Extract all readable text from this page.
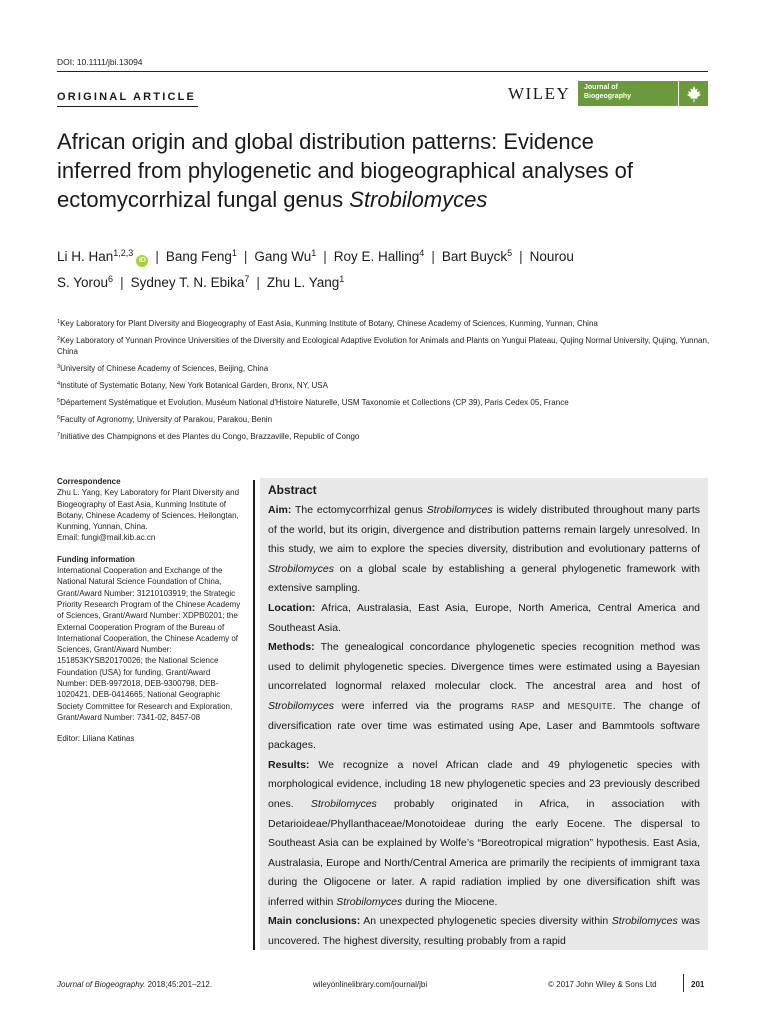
DOI: 10.1111/jbi.13094
ORIGINAL ARTICLE	WILEY Journal of
Biogeography
African origin and global distribution patterns: Evidence
inferred from phylogenetic and biogeographical analyses of
ectomycorrhizal fungal genus Strobilomyces
Li H. Han$^{1,2,3}$iD | Bang Feng$^1$ | Gang Wu$^1$ | Roy E. Halling$^4$ | Bart Buyck$^5$ | Nourou
S. Yorou$^6$ | Sydney T. N. Ebika$^7$ | Zhu L. Yang$^1$
$^1$Key Laboratory for Plant Diversity and Biogeography of East Asia, Kunming Institute of Botany, Chinese Academy of Sciences, Kunming, Yunnan, China
$^2$Key Laboratory of Yunnan Province Universities of the Diversity and Ecological Adaptive Evolution for Animals and Plants on Yungui Plateau, Qujing Normal University, Qujing, Yunnan, China
$^3$University of Chinese Academy of Sciences, Beijing, China
$^4$Institute of Systematic Botany, New York Botanical Garden, Bronx, NY, USA
$^5$Département Systématique et Evolution, Muséum National d'Histoire Naturelle, USM Taxonomie et Collections (CP 39), Paris Cedex 05, France
$^6$Faculty of Agronomy, University of Parakou, Parakou, Benin
$^7$Initiative des Champignons et des Plantes du Congo, Brazzaville, Republic of Congo
Correspondence
Zhu L. Yang, Key Laboratory for Plant Diversity and Biogeography of East Asia, Kunming Institute of Botany, Chinese Academy of Sciences, Heilongtan, Kunming, Yunnan, China.
Email: fungi@mail.kib.ac.cn
Funding information
International Cooperation and Exchange of the National Natural Science Foundation of China, Grant/Award Number: 31210103919; the Strategic Priority Research Program of the Chinese Academy of Sciences, Grant/Award Number: XDPB0201; the External Cooperation Program of the Bureau of International Cooperation, the Chinese Academy of Sciences, Grant/Award Number: 151853KYSB20170026; the National Science Foundation (USA) for funding, Grant/Award Number: DEB-9972018, DEB-9300798, DEB-1020421, DEB-0414665; National Geographic Society Committee for Research and Exploration, Grant/Award Number: 7341-02, 8457-08
Editor: Liliana Katinas
Abstract

Aim: The ectomycorrhizal genus Strobilomyces is widely distributed throughout many parts of the world, but its origin, divergence and distribution patterns remain largely unresolved. In this study, we aim to explore the species diversity, distribution and evolutionary patterns of Strobilomyces on a global scale by establishing a general phylogenetic framework with extensive sampling.

Location: Africa, Australasia, East Asia, Europe, North America, Central America and Southeast Asia.

Methods: The genealogical concordance phylogenetic species recognition method was used to delimit phylogenetic species. Divergence times were estimated using a Bayesian uncorrelated lognormal relaxed molecular clock. The ancestral area and host of Strobilomyces were inferred via the programs RASP and MESQUITE. The change of diversification rate over time was estimated using Ape, Laser and Bammtools software packages.

Results: We recognize a novel African clade and 49 phylogenetic species with morphological evidence, including 18 new phylogenetic species and 23 previously described ones. Strobilomyces probably originated in Africa, in association with Detarioideae/Phyllanthaceae/Monotoideae during the early Eocene. The dispersal to Southeast Asia can be explained by Wolfe’s “Boreotropical migration” hypothesis. East Asia, Australasia, Europe and North/Central America are primarily the recipients of immigrant taxa during the Oligocene or later. A rapid radiation implied by one diversification shift was inferred within Strobilomyces during the Miocene.

Main conclusions: An unexpected phylogenetic species diversity within Strobilomyces was uncovered. The highest diversity, resulting probably from a rapid

Journal of Biogeography. 2018;45:201–212.	wileyonlinelibrary.com/journal/jbi	© 2017 John Wiley & Sons Ltd	201
